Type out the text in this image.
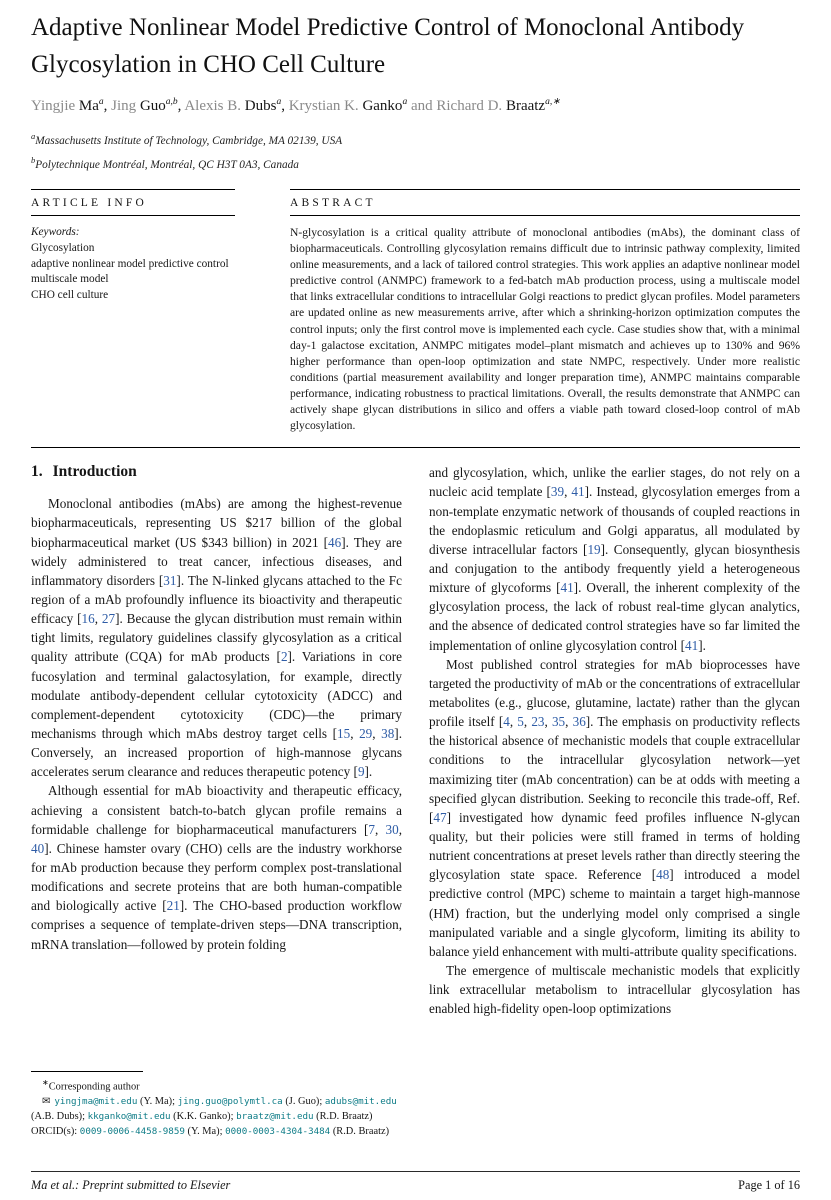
Adaptive Nonlinear Model Predictive Control of Monoclonal Antibody Glycosylation in CHO Cell Culture
Yingjie Ma$^a$, Jing Guo$^{a,b}$, Alexis B. Dubs$^a$, Krystian K. Ganko$^a$ and Richard D. Braatz$^{a,∗}$
$^a$Massachusetts Institute of Technology, Cambridge, MA 02139, USA
$^b$Polytechnique Montréal, Montréal, QC H3T 0A3, Canada
ARTICLE INFO
Keywords:
Glycosylation
adaptive nonlinear model predictive control
multiscale model
CHO cell culture
ABSTRACT
N-glycosylation is a critical quality attribute of monoclonal antibodies (mAbs), the dominant class of biopharmaceuticals. Controlling glycosylation remains difficult due to intrinsic pathway complexity, limited online measurements, and a lack of tailored control strategies. This work applies an adaptive nonlinear model predictive control (ANMPC) framework to a fed-batch mAb production process, using a multiscale model that links extracellular conditions to intracellular Golgi reactions to predict glycan profiles. Model parameters are updated online as new measurements arrive, after which a shrinking-horizon optimization computes the control inputs; only the first control move is implemented each cycle. Case studies show that, with a minimal day-1 galactose excitation, ANMPC mitigates model–plant mismatch and achieves up to 130% and 96% higher performance than open-loop optimization and state NMPC, respectively. Under more realistic conditions (partial measurement availability and longer preparation time), ANMPC maintains comparable performance, indicating robustness to practical limitations. Overall, the results demonstrate that ANMPC can actively shape glycan distributions in silico and offers a viable path toward closed-loop control of mAb glycosylation.
1. Introduction

Monoclonal antibodies (mAbs) are among the highest-revenue biopharmaceuticals, representing US $217 billion of the global biopharmaceutical market (US $343 billion) in 2021 [46]. They are widely administered to treat cancer, infectious diseases, and inflammatory disorders [31]. The N-linked glycans attached to the Fc region of a mAb profoundly influence its bioactivity and therapeutic efficacy [16, 27]. Because the glycan distribution must remain within tight limits, regulatory guidelines classify glycosylation as a critical quality attribute (CQA) for mAb products [2]. Variations in core fucosylation and terminal galactosylation, for example, directly modulate antibody-dependent cellular cytotoxicity (ADCC) and complement-dependent cytotoxicity (CDC)—the primary mechanisms through which mAbs destroy target cells [15, 29, 38]. Conversely, an increased proportion of high-mannose glycans accelerates serum clearance and reduces therapeutic potency [9].

Although essential for mAb bioactivity and therapeutic efficacy, achieving a consistent batch-to-batch glycan profile remains a formidable challenge for biopharmaceutical manufacturers [7, 30, 40]. Chinese hamster ovary (CHO) cells are the industry workhorse for mAb production because they perform complex post-translational modifications and secrete proteins that are both human-compatible and biologically active [21]. The CHO-based production workflow comprises a sequence of template-driven steps—DNA transcription, mRNA translation—followed by protein folding

∗Corresponding author
✉ yingjma@mit.edu (Y. Ma); jing.guo@polymtl.ca (J. Guo); adubs@mit.edu (A.B. Dubs); kkganko@mit.edu (K.K. Ganko); braatz@mit.edu (R.D. Braatz)
ORCID(s): 0009-0006-4458-9859 (Y. Ma); 0000-0003-4304-3484 (R.D. Braatz)

and glycosylation, which, unlike the earlier stages, do not rely on a nucleic acid template [39, 41]. Instead, glycosylation emerges from a non-template enzymatic network of thousands of coupled reactions in the endoplasmic reticulum and Golgi apparatus, all modulated by diverse intracellular factors [19]. Consequently, glycan biosynthesis and conjugation to the antibody frequently yield a heterogeneous mixture of glycoforms [41]. Overall, the inherent complexity of the glycosylation process, the lack of robust real-time glycan analytics, and the absence of dedicated control strategies have so far limited the implementation of online glycosylation control [41].

Most published control strategies for mAb bioprocesses have targeted the productivity of mAb or the concentrations of extracellular metabolites (e.g., glucose, glutamine, lactate) rather than the glycan profile itself [4, 5, 23, 35, 36]. The emphasis on productivity reflects the historical absence of mechanistic models that couple extracellular conditions to the intracellular glycosylation network—yet maximizing titer (mAb concentration) can be at odds with meeting a specified glycan distribution. Seeking to reconcile this trade-off, Ref. [47] investigated how dynamic feed profiles influence N-glycan quality, but their policies were still framed in terms of holding nutrient concentrations at preset levels rather than directly steering the glycosylation state space. Reference [48] introduced a model predictive control (MPC) scheme to maintain a target high-mannose (HM) fraction, but the underlying model only comprised a single manipulated variable and a single glycoform, limiting its ability to balance yield enhancement with multi-attribute quality specifications.

The emergence of multiscale mechanistic models that explicitly link extracellular metabolism to intracellular glycosylation has enabled high-fidelity open-loop optimizations

Ma et al.: Preprint submitted to Elsevier	Page 1 of 16
